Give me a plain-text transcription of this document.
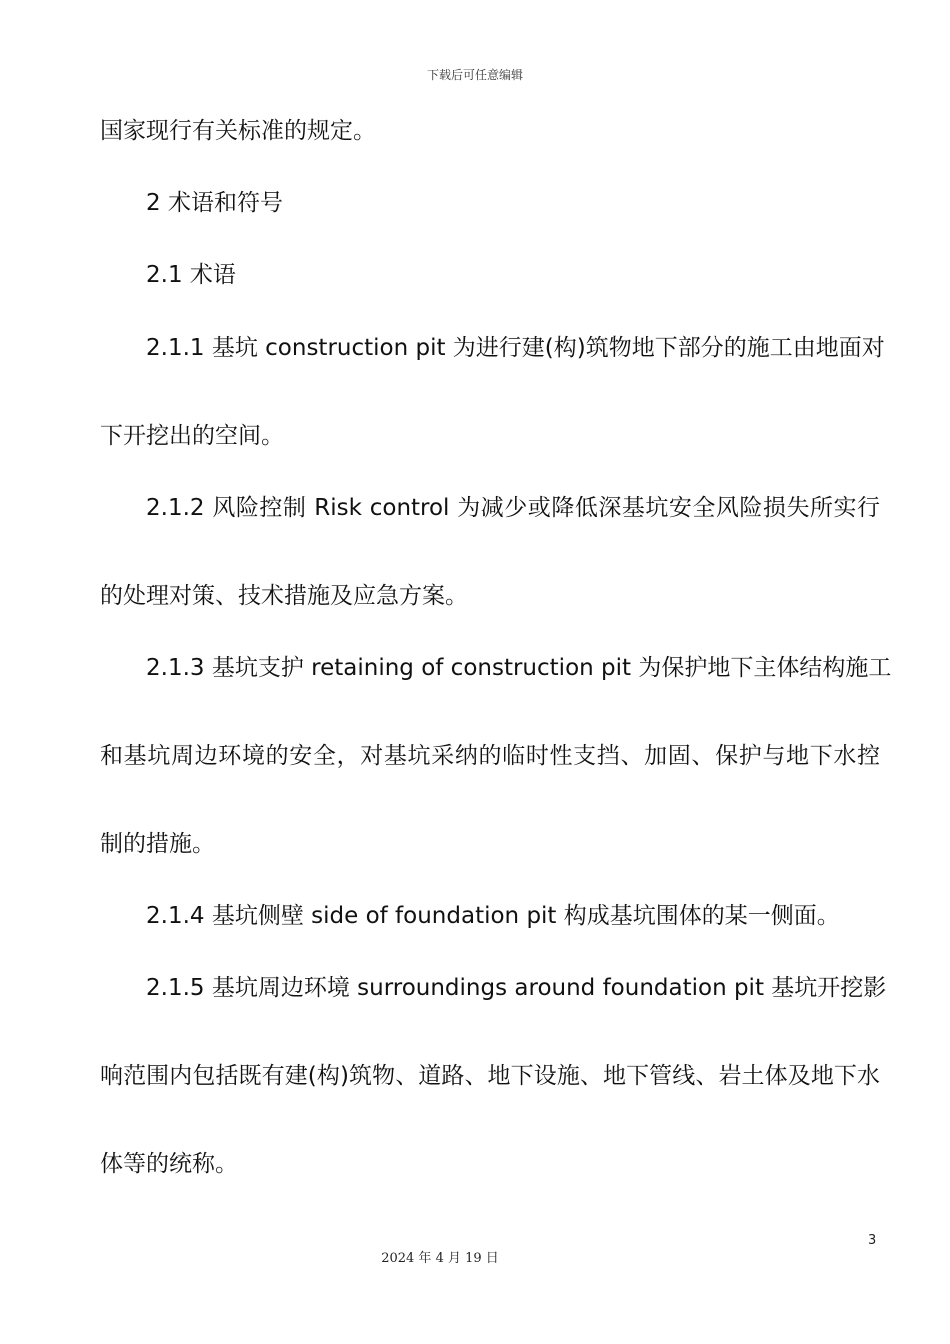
下载后可任意编辑
国家现行有关标准的规定。
2 术语和符号
2.1 术语
2.1.1 基坑 construction pit 为进行建(构)筑物地下部分的施工由地面对
下开挖出的空间。
2.1.2 风险控制 Risk control 为减少或降低深基坑安全风险损失所实行
的处理对策、技术措施及应急方案。
2.1.3 基坑支护 retaining of construction pit 为保护地下主体结构施工
和基坑周边环境的安全，对基坑采纳的临时性支挡、加固、保护与地下水控
制的措施。
2.1.4 基坑侧壁 side of foundation pit 构成基坑围体的某一侧面。
2.1.5 基坑周边环境 surroundings around foundation pit 基坑开挖影
响范围内包括既有建(构)筑物、道路、地下设施、地下管线、岩土体及地下水
体等的统称。
3
2024 年 4 月 19 日
